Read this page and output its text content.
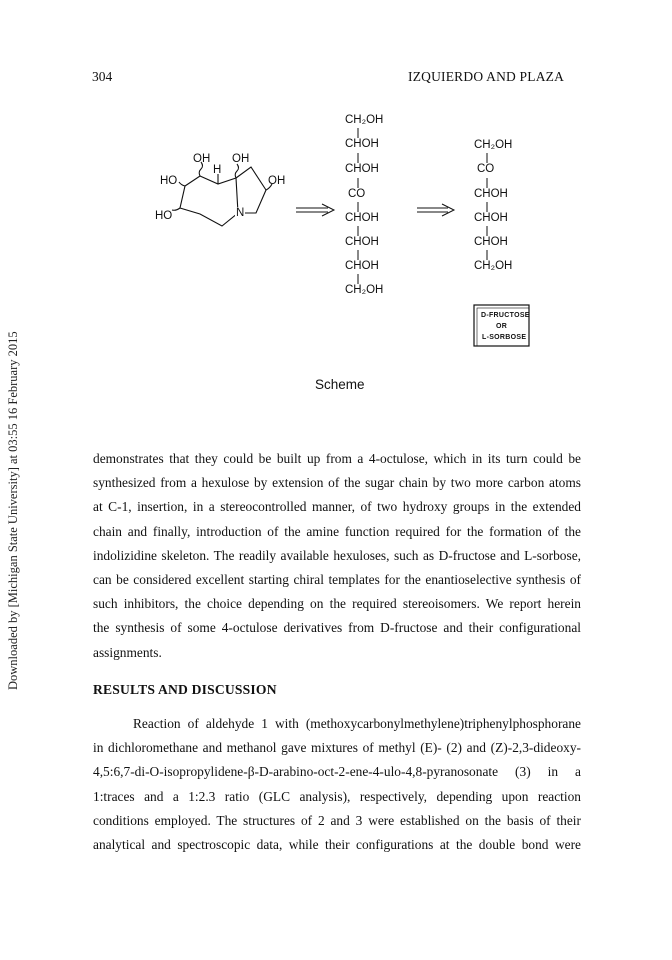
304	IZQUIERDO AND PLAZA
Downloaded by [Michigan State University] at 03:55 16 February 2015
OH OH
H
HO	OH
HO	N
CH₂OH
CHOH
CHOH
CO
CHOH
CHOH
CHOH
CH₂OH
CH₂OH
CO
CHOH
CHOH
CHOH
CH₂OH
D-FRUCTOSE
OR
L-SORBOSE
Scheme
demonstrates that they could be built up from a 4-octulose, which in its turn could be
synthesized from a hexulose by extension of the sugar chain by two more carbon atoms
at C-1, insertion, in a stereocontrolled manner, of two hydroxy groups in the extended
chain and finally, introduction of the amine function required for the formation of the
indolizidine skeleton. The readily available hexuloses, such as D-fructose and L-sorbose,
can be considered excellent starting chiral templates for the enantioselective synthesis of
such inhibitors, the choice depending on the required stereoisomers. We report herein
the synthesis of some 4-octulose derivatives from D-fructose and their configurational
assignments.
RESULTS AND DISCUSSION
Reaction of aldehyde 1 with (methoxycarbonylmethylene)triphenylphosphorane
in dichloromethane and methanol gave mixtures of methyl (E)- (2) and (Z)-2,3-dideoxy-
4,5:6,7-di-O-isopropylidene-β-D-arabino-oct-2-ene-4-ulo-4,8-pyranosonate (3) in a
1:traces and a 1:2.3 ratio (GLC analysis), respectively, depending upon reaction
conditions employed. The structures of 2 and 3 were established on the basis of their
analytical and spectroscopic data, while their configurations at the double bond were
